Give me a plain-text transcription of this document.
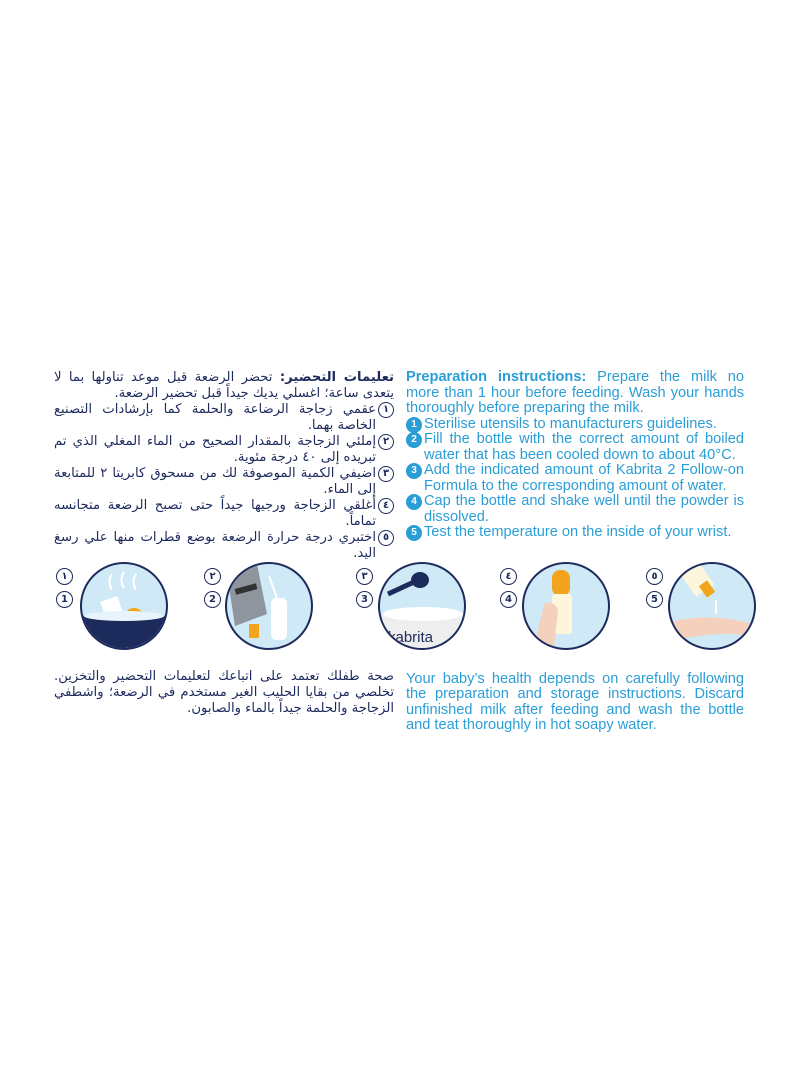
تعليمات التحضير: تحضر الرضعة قبل موعد تناولها بما لا يتعدى ساعة؛ اغسلي يديك جيداً قبل تحضير الرضعة.

١
عقمي زجاجة الرضاعة والحلمة كما بإرشادات التصنيع الخاصة بهما.

٢
إملئي الزجاجة بالمقدار الصحيح من الماء المغلي الذي تم تبريده إلى ٤٠ درجة مئوية.

٣
اضيفي الكمية الموصوفة لك من مسحوق كابريتا ٢ للمتابعة إلى الماء.

٤
أغلقي الزجاجة ورجيها جيداً حتى تصبح الرضعة متجانسه تماماً.

٥
اختبري درجة حرارة الرضعة بوضع قطرات منها علي رسغ اليد.

Preparation instructions: Prepare the milk no more than 1 hour before feeding. Wash your hands thoroughly before preparing the milk.

1 Sterilise utensils to manufacturers guidelines.

2 Fill the bottle with the correct amount of boiled water that has been cooled down to about 40°C.

3 Add the indicated amount of Kabrita 2 Follow-on Formula to the corresponding amount of water.

4 Cap the bottle and shake well until the powder is dissolved.

5 Test the temperature on the inside of your wrist.

١
1
٢
2
٣
3
kabrita
٤
4
٥
5

صحة طفلك تعتمد على اتباعك لتعليمات التحضير والتخزين. تخلصي من بقايا الحليب الغير مستخدم في الرضعة؛ واشطفي الزجاجة والحلمة جيداً بالماء والصابون.

Your baby’s health depends on carefully following the preparation and storage instructions. Discard unfinished milk after feeding and wash the bottle and teat thoroughly in hot soapy water.
